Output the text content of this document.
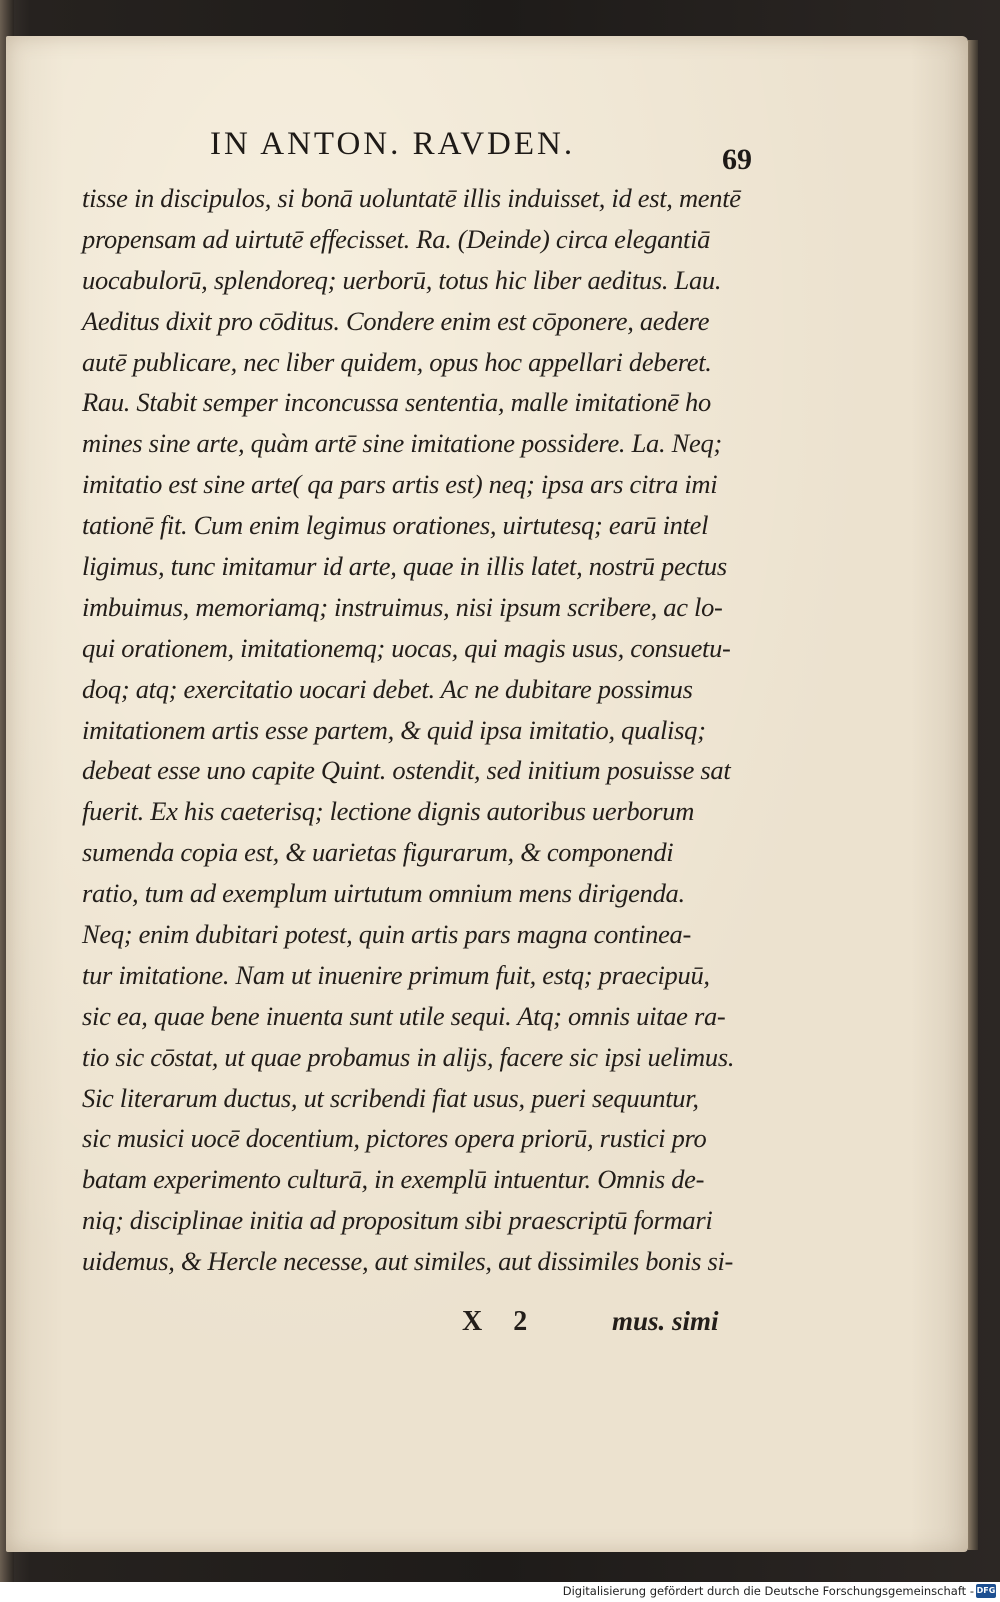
IN ANTON. RAVDEN.	69
tisse in discipulos, si bonā uoluntatē illis induisset, id est, mentē
propensam ad uirtutē effecisset. Ra. (Deinde) circa elegantiā
uocabulorū, splendoreq; uerborū, totus hic liber aeditus. Lau.
Aeditus dixit pro cōditus. Condere enim est cōponere, aedere
autē publicare, nec liber quidem, opus hoc appellari deberet.
Rau. Stabit semper inconcussa sententia, malle imitationē ho
mines sine arte, quàm artē sine imitatione possidere. La. Neq;
imitatio est sine arte( qa pars artis est) neq; ipsa ars citra imi
tationē fit. Cum enim legimus orationes, uirtutesq; earū intel
ligimus, tunc imitamur id arte, quae in illis latet, nostrū pectus
imbuimus, memoriamq; instruimus, nisi ipsum scribere, ac lo-
qui orationem, imitationemq; uocas, qui magis usus, consuetu-
doq; atq; exercitatio uocari debet. Ac ne dubitare possimus
imitationem artis esse partem, & quid ipsa imitatio, qualisq;
debeat esse uno capite Quint. ostendit, sed initium posuisse sat
fuerit. Ex his caeterisq; lectione dignis autoribus uerborum
sumenda copia est, & uarietas figurarum, & componendi
ratio, tum ad exemplum uirtutum omnium mens dirigenda.
Neq; enim dubitari potest, quin artis pars magna continea-
tur imitatione. Nam ut inuenire primum fuit, estq; praecipuū,
sic ea, quae bene inuenta sunt utile sequi. Atq; omnis uitae ra-
tio sic cōstat, ut quae probamus in alijs, facere sic ipsi uelimus.
Sic literarum ductus, ut scribendi fiat usus, pueri sequuntur,
sic musici uocē docentium, pictores opera priorū, rustici pro
batam experimento culturā, in exemplū intuentur. Omnis de-
niq; disciplinae initia ad propositum sibi praescriptū formari
uidemus, & Hercle necesse, aut similes, aut dissimiles bonis si-
X 2	mus. simi
Digitalisierung gefördert durch die Deutsche Forschungsgemeinschaft - DFG
